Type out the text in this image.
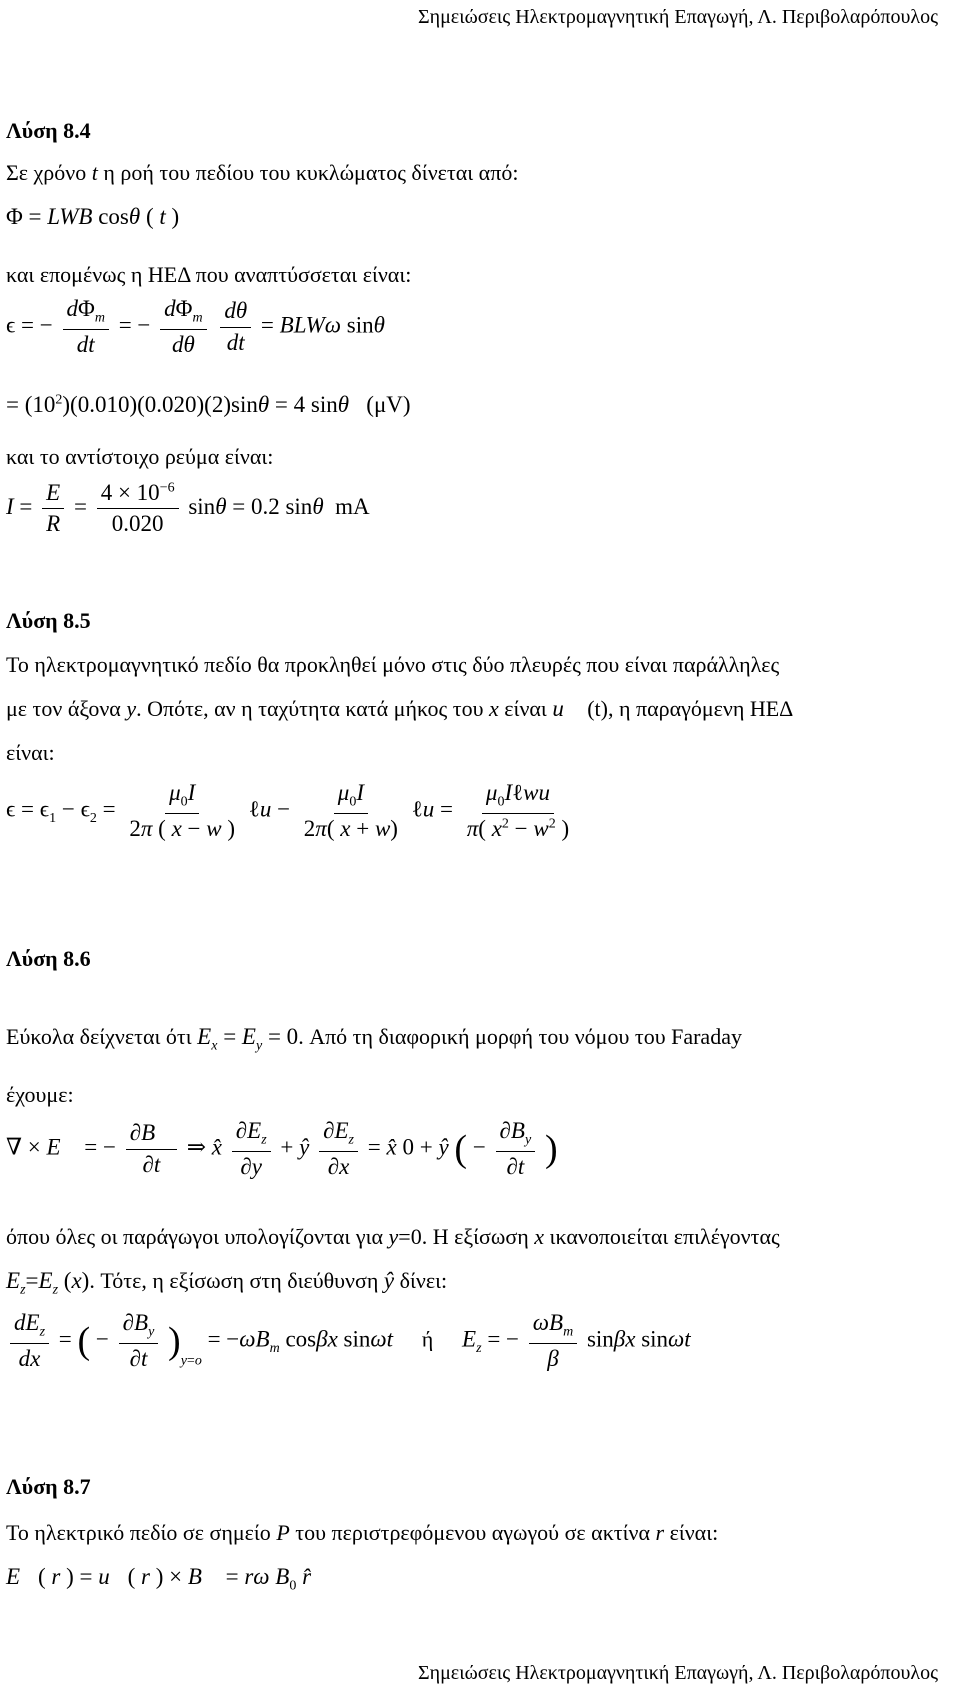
Σημειώσεις Ηλεκτρομαγνητική Επαγωγή, Λ. Περιβολαρόπουλος
Λύση 8.4
Σε χρόνο t η ροή του πεδίου του κυκλώματος δίνεται από:
Φ = LWB cosθ ( t )
και επομένως η ΗΕΔ που αναπτύσσεται είναι:
ϵ = − $\frac{d\Phi_m}{dt}$ = − $\frac{d\Phi_m}{d\theta}$
$\frac{d\theta}{dt} = BLW\omega$ sinθ
= $(10^2)(0.010)(0.020)(2)\sin\theta = 4$ sinθ (μV)
και το αντίστοιχο ρεύμα είναι:
$I = \frac{E}{R} = \frac{4 \times 10^{-6}}{0.020}$ sinθ = 0.2 sinθ mA
Λύση 8.5
Το ηλεκτρομαγνητικό πεδίο θα προκληθεί μόνο στις δύο πλευρές που είναι παράλληλες
με τον άξονα y. Οπότε, αν η ταχύτητα κατά μήκος του x είναι u⃗ (t), η παραγόμενη ΗΕΔ
είναι:
$\epsilon = \epsilon_1 - \epsilon_2 = \frac{\mu_0I}{2\pi ( x - w )}$ ℓu − $\frac{\mu_0I}{2\pi( x + w)}$ ℓu = $\frac{\mu_0I\ell wu}{\pi( x^2 - w^2 )}$
Λύση 8.6
Εύκολα δείχνεται ότι $E_x = E_y = 0$. Από τη διαφορική μορφή του νόμου του Faraday
έχουμε:
∇ × E⃗ = − $\frac{\partial B⃗}{\partial t}$ ⇒ x̂ $\frac{\partial E_z}{\partial y}$ + ŷ $\frac{\partial E_z}{\partial x}$ = x̂ 0 + ŷ ( − $\frac{\partial B_y}{\partial t}$ )
όπου όλες οι παράγωγοι υπολογίζονται για y=0. Η εξίσωση x ικανοποιείται επιλέγοντας
$E_z=E_z$ (x). Τότε, η εξίσωση στη διεύθυνση ŷ δίνει:
$\frac{dE_z}{dx}$ = ( − $\frac{\partial B_y}{\partial t} )_{y=o} = -\omega B_m$ cosβx sinωt ή $E_z$ = − $\frac{\omega B_m}{\beta}$ sinβx sinωt
Λύση 8.7
Το ηλεκτρικό πεδίο σε σημείο P του περιστρεφόμενου αγωγού σε ακτίνα r είναι:
E⃗( r ) = u⃗( r ) × B⃗ = rω $B_0$ r̂
Σημειώσεις Ηλεκτρομαγνητική Επαγωγή, Λ. Περιβολαρόπουλος
